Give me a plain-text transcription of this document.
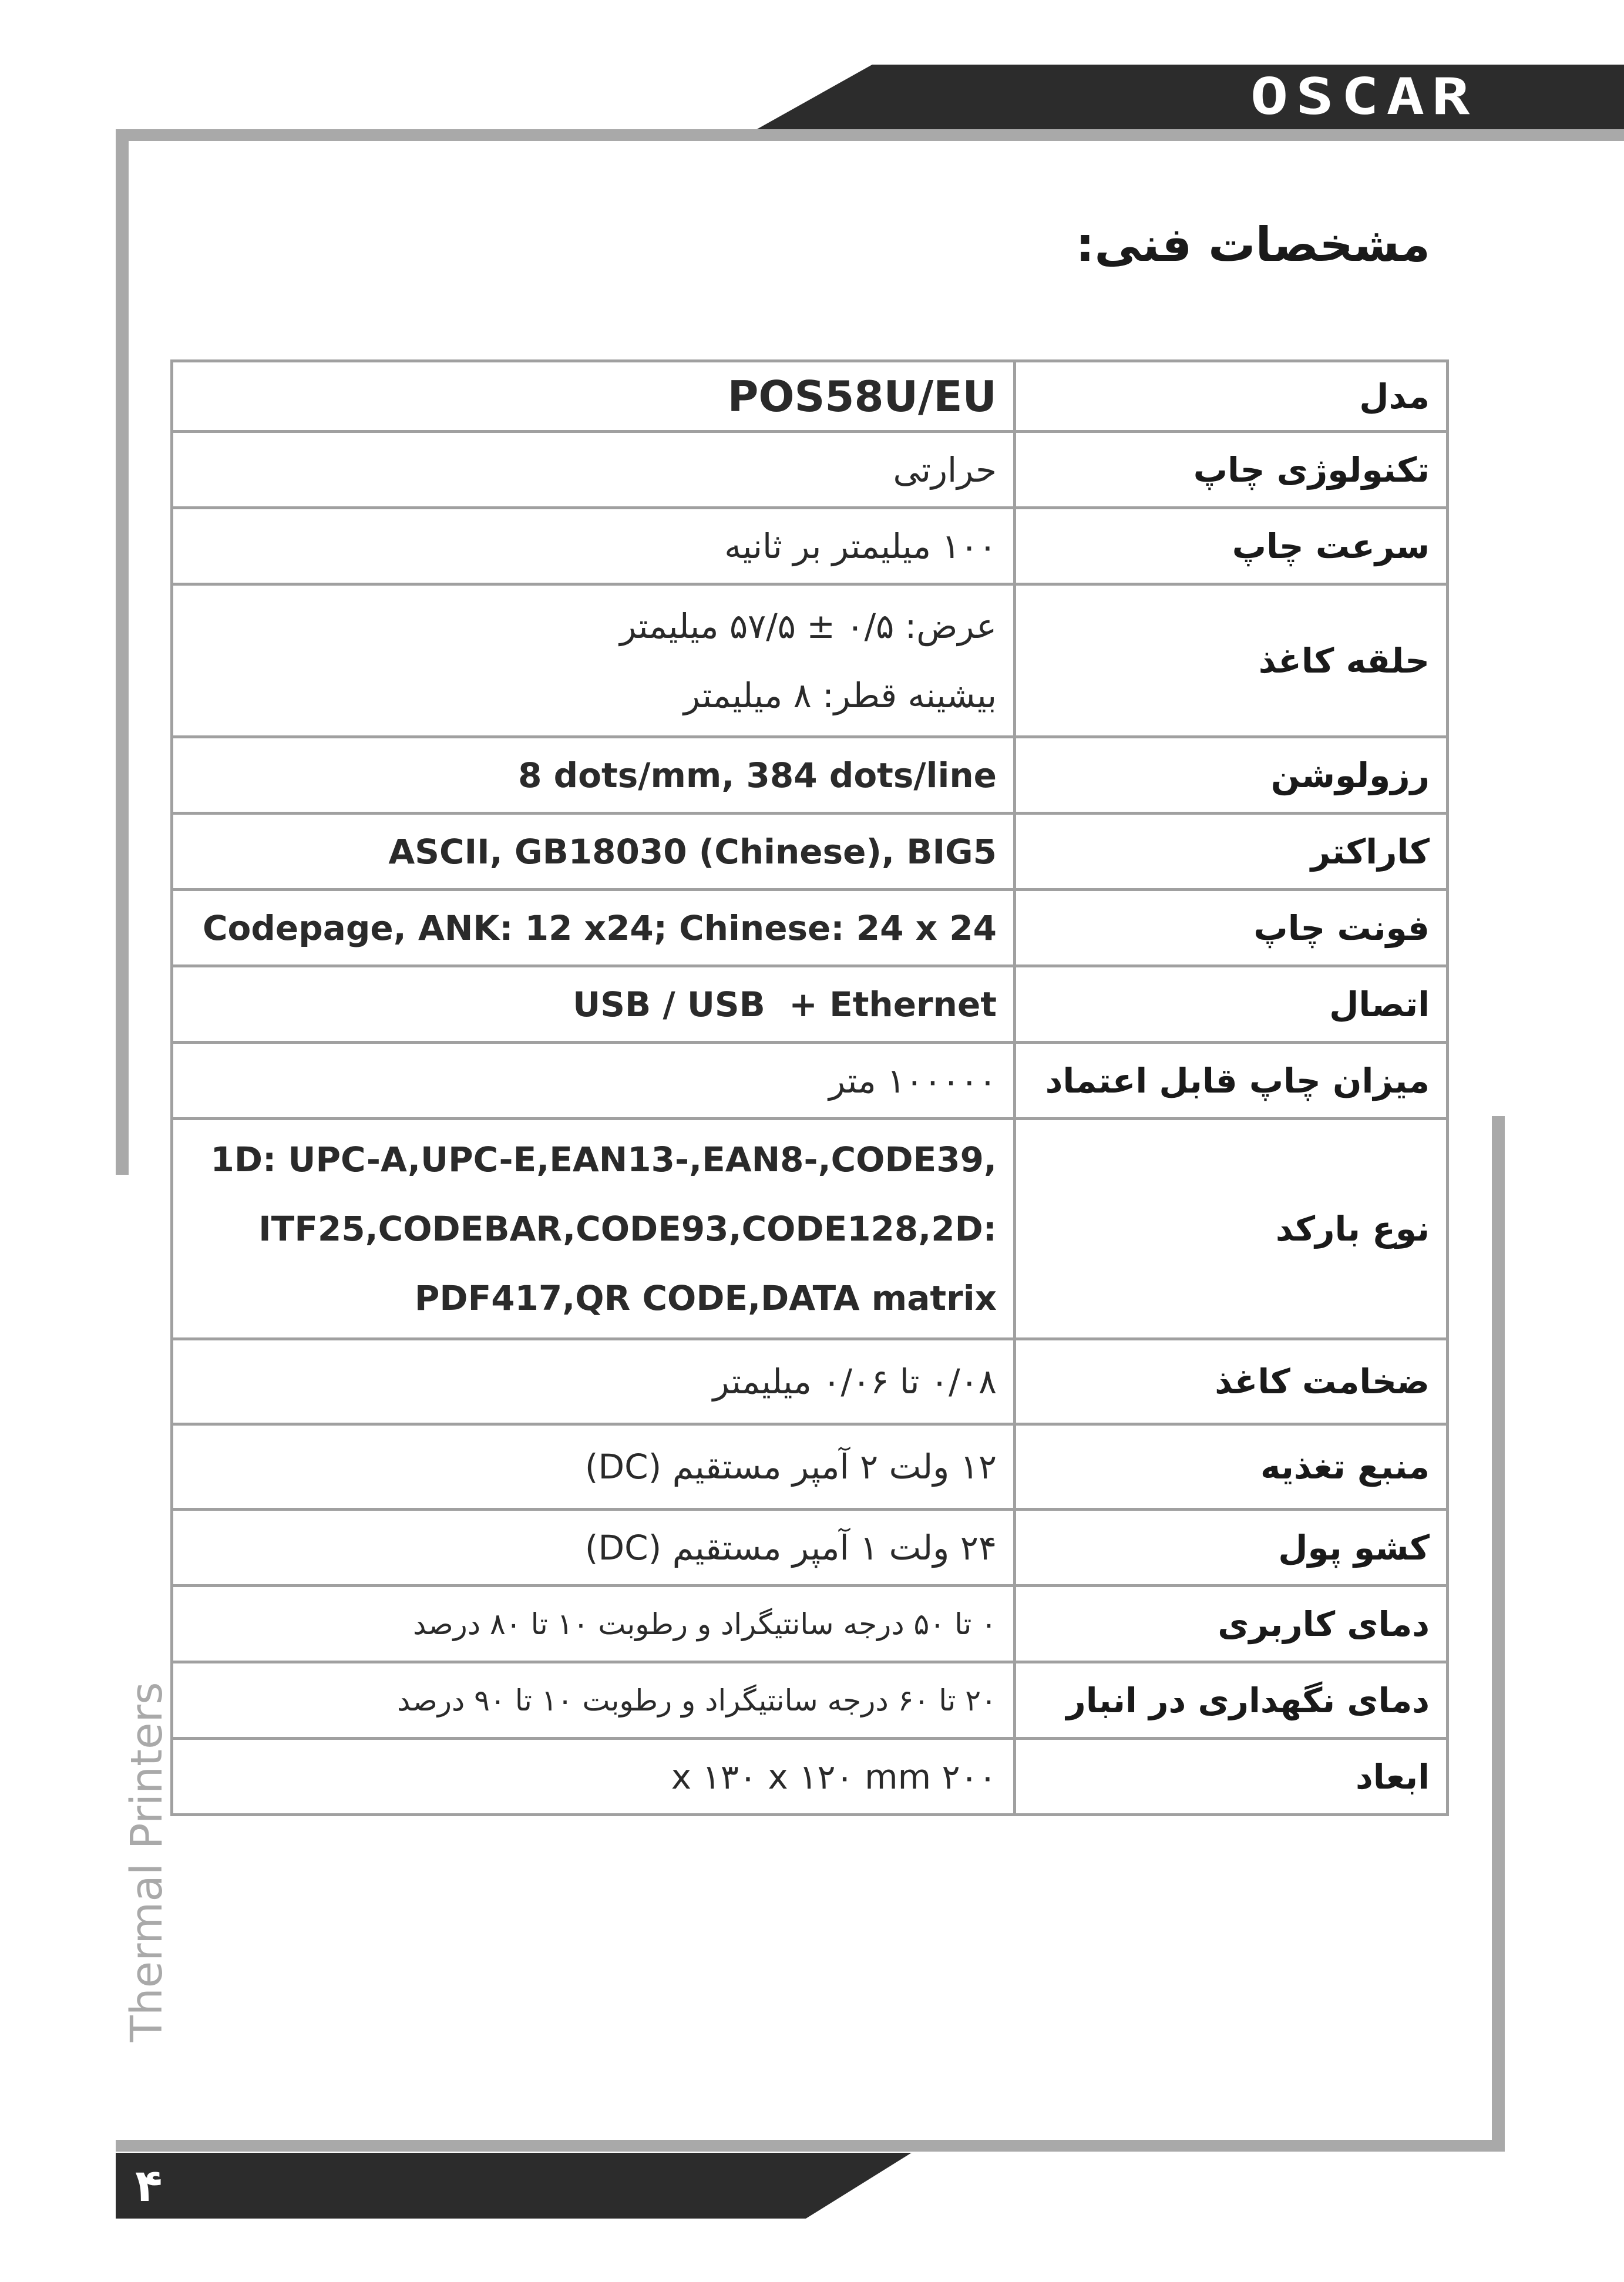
OSCAR
۴
Thermal Printers
مشخصات فنی:
POS58U/EU	مدل
حرارتی	تکنولوژی چاپ
۱۰۰ میلیمتر بر ثانیه	سرعت چاپ

عرض: ۰/۵ ± ۵۷/۵ میلیمتر
بیشینه قطر: ۸ میلیمتر	حلقه کاغذ
8 dots/mm, 384 dots/line	رزولوشن
ASCII, GB18030 (Chinese), BIG5	کاراکتر
Codepage, ANK: 12 x24; Chinese: 24 x 24	فونت چاپ
USB / USB  + Ethernet	اتصال
۱۰۰۰۰۰ متر	میزان چاپ قابل اعتماد

1D: UPC-A,UPC-E,EAN13-,EAN8-,CODE39,
ITF25,CODEBAR,CODE93,CODE128,2D:
PDF417,QR CODE,DATA matrix	نوع بارکد
۰/۰۸ تا ۰/۰۶ میلیمتر	ضخامت کاغذ
۱۲ ولت ۲ آمپر مستقیم (DC)	منبع تغذیه
۲۴ ولت ۱ آمپر مستقیم (DC)	کشو پول
۰ تا ۵۰ درجه سانتیگراد و رطوبت ۱۰ تا ۸۰ درصد	دمای کاربری
۲۰ تا ۶۰ درجه سانتیگراد و رطوبت ۱۰ تا ۹۰ درصد	دمای نگهداری در انبار
۲۰۰ x ۱۳۰ x ۱۲۰ mm	ابعاد
